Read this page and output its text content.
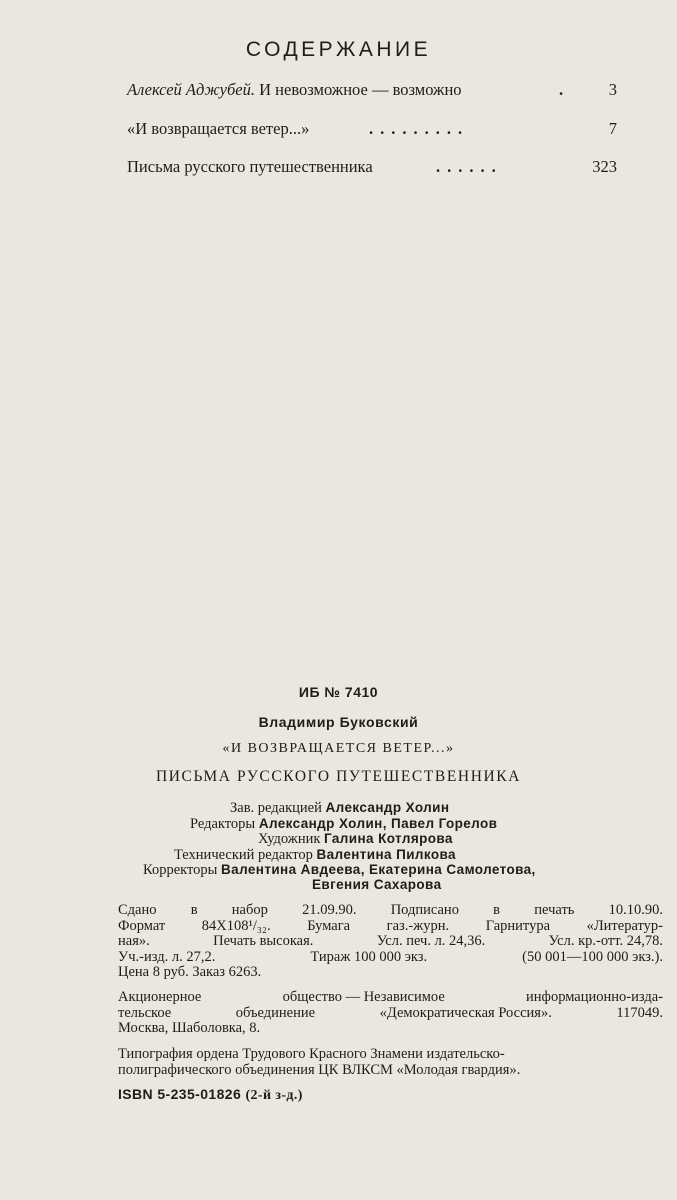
СОДЕРЖАНИЕ
Алексей Аджубей. И невозможное — возможно	. 3
«И возвращается ветер...»	.........	7
Письма русского путешественника	......	323
ИБ № 7410
Владимир Буковский
«И ВОЗВРАЩАЕТСЯ ВЕТЕР...»
ПИСЬМА РУССКОГО ПУТЕШЕСТВЕННИКА
Зав. редакцией Александр Холин
Редакторы Александр Холин, Павел Горелов
Художник Галина Котлярова
Технический редактор Валентина Пилкова
Корректоры Валентина Авдеева, Екатерина Самолетова,
Евгения Сахарова
Сдано в набор 21.09.90. Подписано в печать 10.10.90.
Формат	84Х108¹/₃₂.	Бумага	газ.-журн.	Гарнитура	«Литератур-
ная».	Печать высокая.	Усл. печ. л. 24,36.	Усл. кр.-отт. 24,78.
Уч.-изд. л. 27,2.	Тираж 100 000 экз.	(50 001—100 000 экз.).
Цена 8 руб. Заказ 6263.
Акционерное	общество — Независимое	информационно-изда-
тельское	объединение	«Демократическая Россия».	117049.
Москва, Шаболовка, 8.
Типография ордена Трудового Красного Знамени издательско-
полиграфического объединения ЦК ВЛКСМ «Молодая гвардия».
ISBN 5-235-01826 (2-й з-д.)
